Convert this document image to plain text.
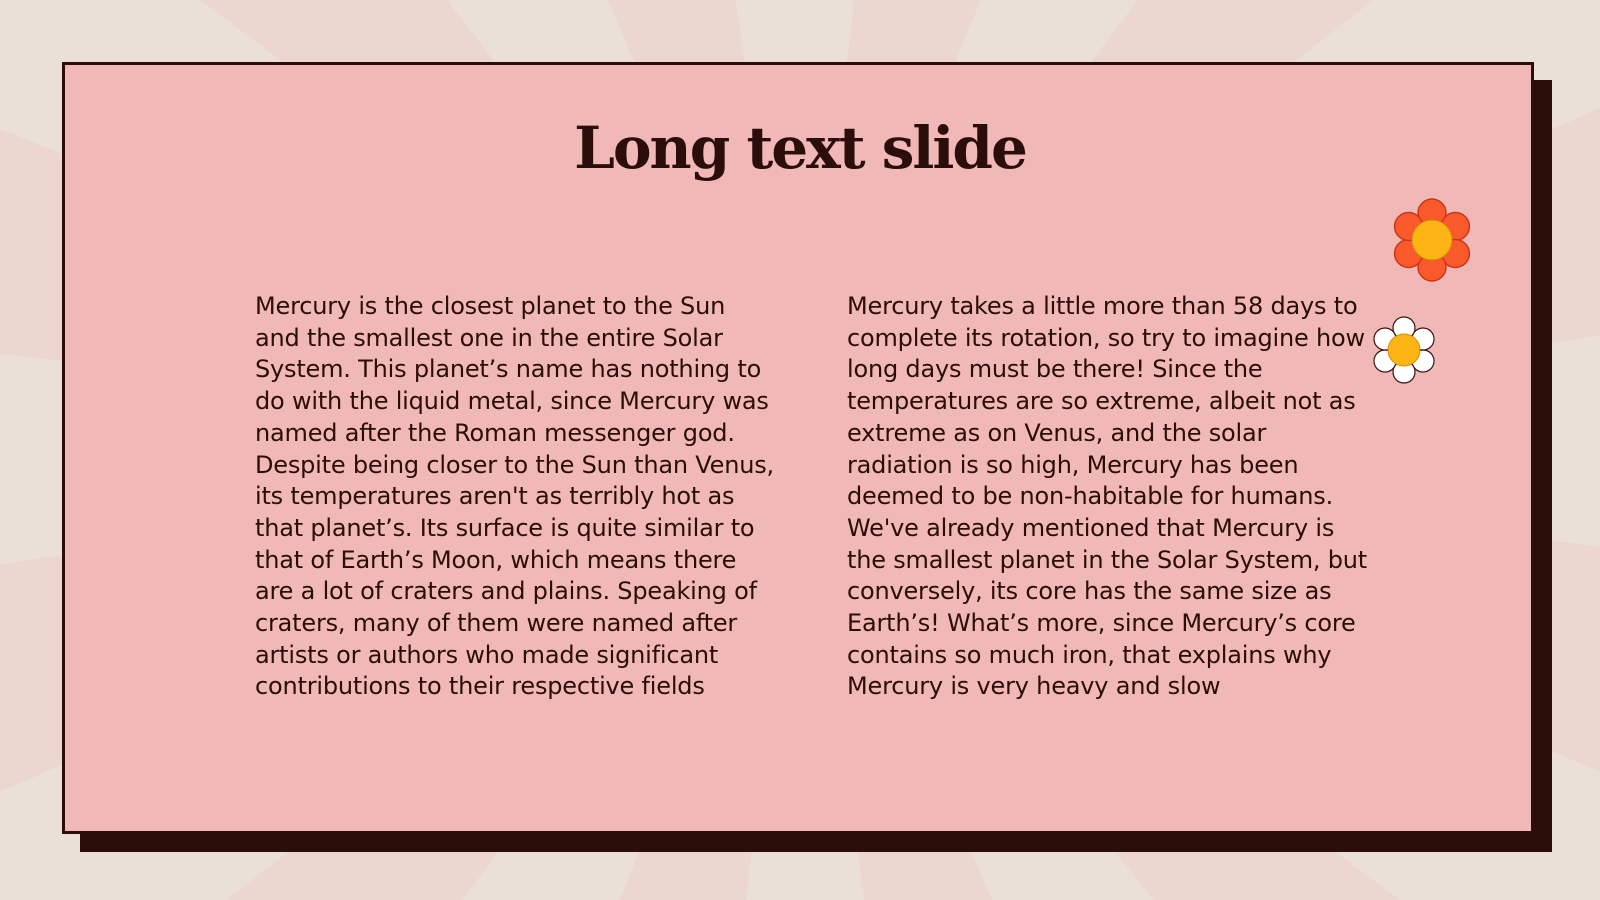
Long text slide

Mercury is the closest planet to the Sun and the smallest one in the entire Solar System. This planet’s name has nothing to do with the liquid metal, since Mercury was named after the Roman messenger god. Despite being closer to the Sun than Venus, its temperatures aren't as terribly hot as that planet’s. Its surface is quite similar to that of Earth’s Moon, which means there are a lot of craters and plains. Speaking of craters, many of them were named after artists or authors who made significant contributions to their respective fields

Mercury takes a little more than 58 days to complete its rotation, so try to imagine how long days must be there! Since the temperatures are so extreme, albeit not as extreme as on Venus, and the solar radiation is so high, Mercury has been deemed to be non-habitable for humans. We've already mentioned that Mercury is the smallest planet in the Solar System, but conversely, its core has the same size as Earth’s! What’s more, since Mercury’s core contains so much iron, that explains why Mercury is very heavy and slow
